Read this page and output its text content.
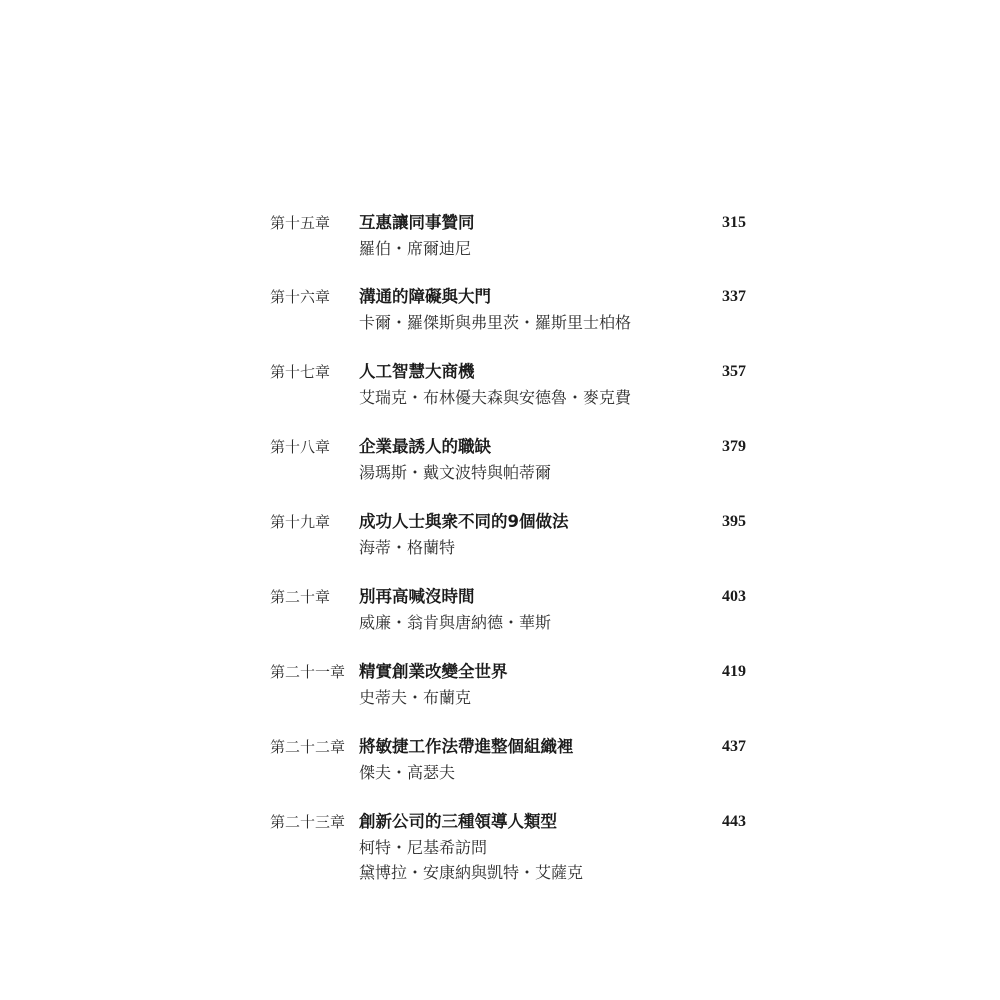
第十五章 互惠讓同事贊同	315
羅伯・席爾迪尼
第十六章 溝通的障礙與大門	337
卡爾・羅傑斯與弗里茨・羅斯里士柏格
第十七章 人工智慧大商機	357
艾瑞克・布林優夫森與安德魯・麥克費
第十八章 企業最誘人的職缺	379
湯瑪斯・戴文波特與帕蒂爾
第十九章 成功人士與衆不同的9個做法	395
海蒂・格蘭特
第二十章 別再高喊沒時間	403
威廉・翁肯與唐納德・華斯
第二十一章 精實創業改變全世界	419
史蒂夫・布蘭克
第二十二章 將敏捷工作法帶進整個組織裡	437
傑夫・高瑟夫
第二十三章 創新公司的三種領導人類型	443
柯特・尼基希訪問
黛博拉・安康納與凱特・艾薩克
